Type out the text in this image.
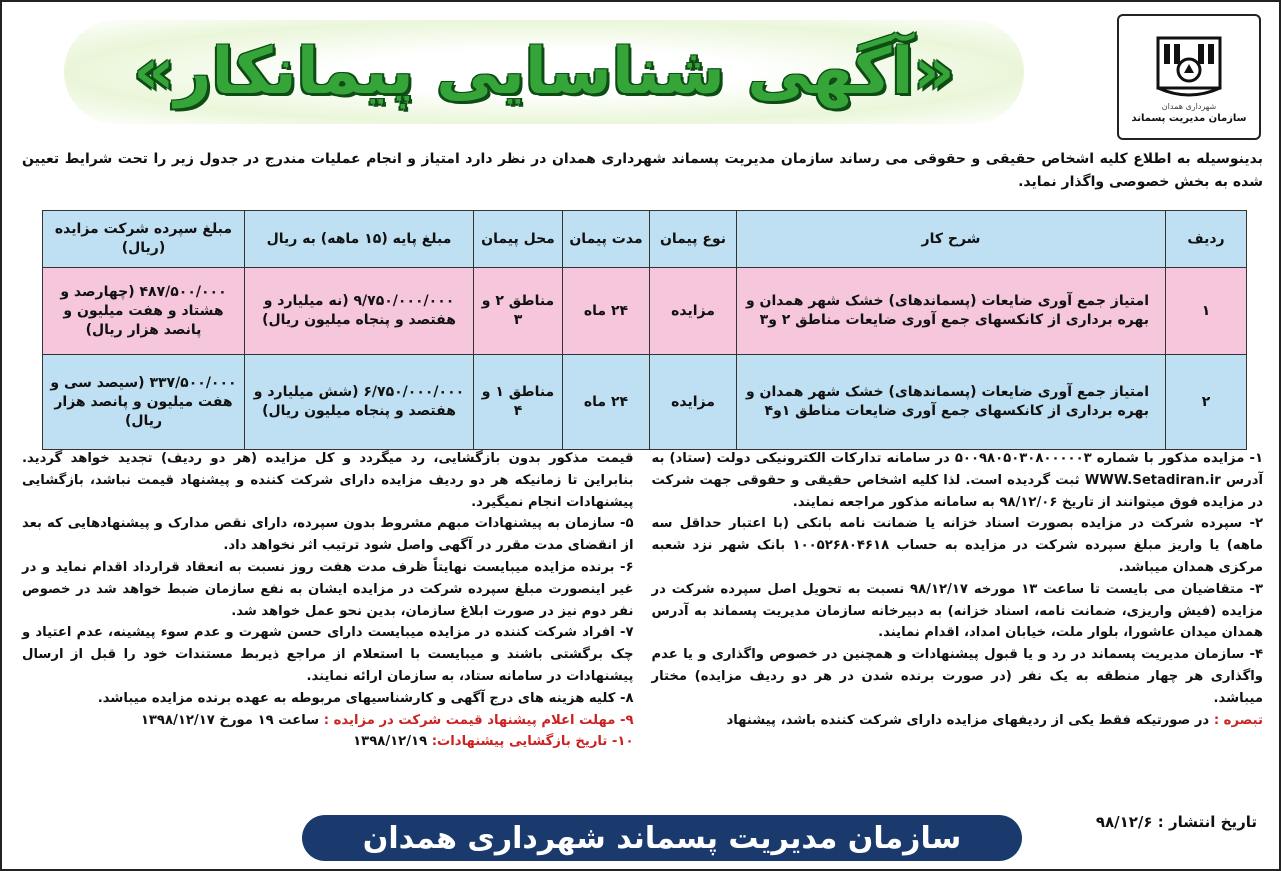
«آگهی شناسایی پیمانکار»	شهرداری همدان
سازمان مدیریت پسماند
بدینوسیله به اطلاع کلیه اشخاص حقیقی و حقوقی می رساند سازمان مدیریت پسماند شهرداری همدان در نظر دارد امتیاز و انجام عملیات مندرج در جدول زیر را تحت شرایط تعیین شده به بخش خصوصی واگذار نماید.
ردیف	شرح کار	نوع پیمان	مدت پیمان	محل پیمان	مبلغ پایه (۱۵ ماهه) به ریال	مبلغ سپرده شرکت مزایده (ریال)
۱	امتیاز جمع آوری ضایعات (پسماندهای) خشک شهر همدان و بهره برداری از کانکسهای جمع آوری ضایعات مناطق ۲ و۳	مزایده	۲۴ ماه	مناطق ۲ و ۳	۹/۷۵۰/۰۰۰/۰۰۰ (نه میلیارد و هفتصد و پنجاه میلیون ریال)	۴۸۷/۵۰۰/۰۰۰ (چهارصد و هشتاد و هفت میلیون و پانصد هزار ریال)
۲	امتیاز جمع آوری ضایعات (پسماندهای) خشک شهر همدان و بهره برداری از کانکسهای جمع آوری ضایعات مناطق ۱و۴	مزایده	۲۴ ماه	مناطق ۱ و ۴	۶/۷۵۰/۰۰۰/۰۰۰ (شش میلیارد و هفتصد و پنجاه میلیون ریال)	۳۳۷/۵۰۰/۰۰۰ (سیصد سی و هفت میلیون و پانصد هزار ریال)

۱- مزایده مذکور با شماره ۵۰۰۹۸۰۵۰۳۰۸۰۰۰۰۰۳ در سامانه تدارکات الکترونیکی دولت (ستاد) به آدرس WWW.Setadiran.ir ثبت گردیده است. لذا کلیه اشخاص حقیقی و حقوقی جهت شرکت در مزایده فوق میتوانند از تاریخ ۹۸/۱۲/۰۶ به سامانه مذکور مراجعه نمایند.

۲- سپرده شرکت در مزایده بصورت اسناد خزانه یا ضمانت نامه بانکی (با اعتبار حداقل سه ماهه) یا واریز مبلغ سپرده شرکت در مزایده به حساب ۱۰۰۵۲۶۸۰۴۶۱۸ بانک شهر نزد شعبه مرکزی همدان میباشد.

۳- متقاضیان می بایست تا ساعت ۱۳ مورخه ۹۸/۱۲/۱۷ نسبت به تحویل اصل سپرده شرکت در مزایده (فیش واریزی، ضمانت نامه، اسناد خزانه) به دبیرخانه سازمان مدیریت پسماند به آدرس همدان میدان عاشورا، بلوار ملت، خیابان امداد، اقدام نمایند.

۴- سازمان مدیریت پسماند در رد و یا قبول پیشنهادات و همچنین در خصوص واگذاری و یا عدم واگذاری هر چهار منطقه به یک نفر (در صورت برنده شدن در هر دو ردیف مزایده) مختار میباشد.

تبصره : در صورتیکه فقط یکی از ردیفهای مزایده دارای شرکت کننده باشد، پیشنهاد

قیمت مذکور بدون بازگشایی، رد میگردد و کل مزایده (هر دو ردیف) تجدید خواهد گردید. بنابراین تا زمانیکه هر دو ردیف مزایده دارای شرکت کننده و پیشنهاد قیمت نباشد، بازگشایی پیشنهادات انجام نمیگیرد.

۵- سازمان به پیشنهادات مبهم مشروط بدون سپرده، دارای نقص مدارک و پیشنهادهایی که بعد از انقضای مدت مقرر در آگهی واصل شود ترتیب اثر نخواهد داد.

۶- برنده مزایده میبایست نهایتاً ظرف مدت هفت روز نسبت به انعقاد قرارداد اقدام نماید و در غیر اینصورت مبلغ سپرده شرکت در مزایده ایشان به نفع سازمان ضبط خواهد شد در خصوص نفر دوم نیز در صورت ابلاغ سازمان، بدین نحو عمل خواهد شد.

۷- افراد شرکت کننده در مزایده میبایست دارای حسن شهرت و عدم سوء پیشینه، عدم اعتیاد و چک برگشتی باشند و میبایست با استعلام از مراجع ذیربط مستندات خود را قبل از ارسال پیشنهادات در سامانه ستاد، به سازمان ارائه نمایند.

۸- کلیه هزینه های درج آگهی و کارشناسیهای مربوطه به عهده برنده مزایده میباشد.

۹- مهلت اعلام پیشنهاد قیمت شرکت در مزایده : ساعت ۱۹ مورخ ۱۳۹۸/۱۲/۱۷

۱۰- تاریخ بازگشایی پیشنهادات: ۱۳۹۸/۱۲/۱۹

تاریخ انتشار : ۹۸/۱۲/۶
سازمان مدیریت پسماند شهرداری همدان
